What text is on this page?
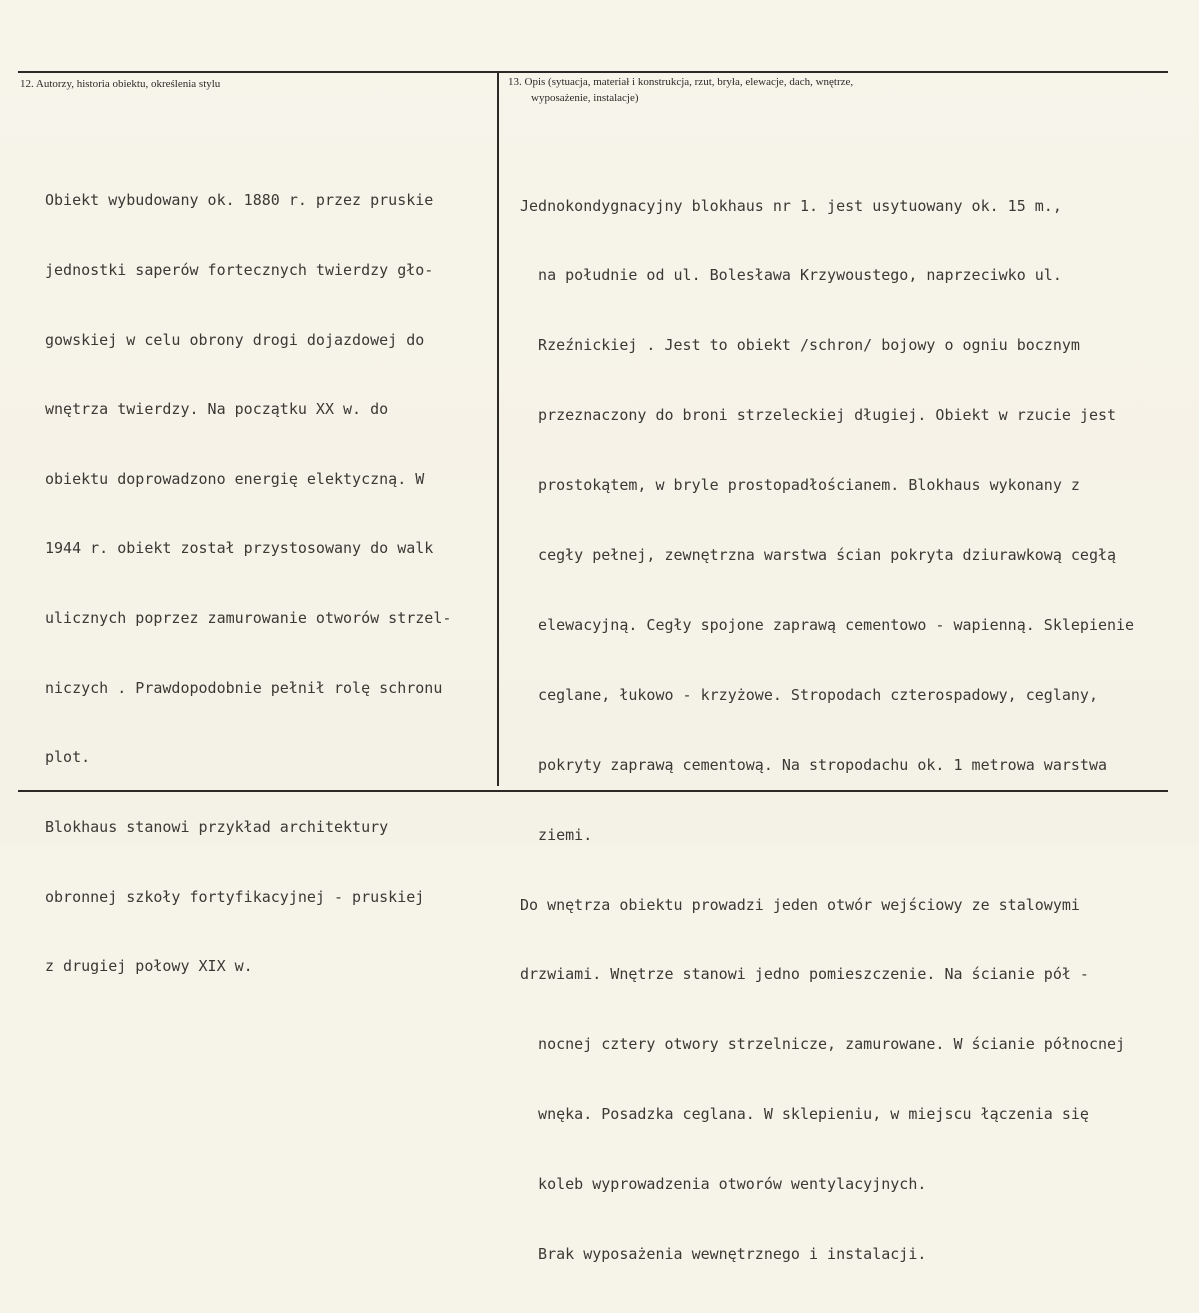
12. Autorzy, historia obiektu, określenia stylu	13. Opis (sytuacja, materiał i konstrukcja, rzut, bryła, elewacje, dach, wnętrze,
wyposażenie, instalacje)

Obiekt wybudowany ok. 1880 r. przez pruskie

jednostki saperów fortecznych twierdzy gło-

gowskiej w celu obrony drogi dojazdowej do

wnętrza twierdzy. Na początku XX w. do

obiektu doprowadzono energię elektyczną. W

1944 r. obiekt został przystosowany do walk

ulicznych poprzez zamurowanie otworów strzel-

niczych . Prawdopodobnie pełnił rolę schronu

plot.

Blokhaus stanowi przykład architektury

obronnej szkoły fortyfikacyjnej - pruskiej

z drugiej połowy XIX w.

Jednokondygnacyjny blokhaus nr 1. jest usytuowany ok. 15 m.,

na południe od ul. Bolesława Krzywoustego, naprzeciwko ul.

Rzeźnickiej . Jest to obiekt /schron/ bojowy o ogniu bocznym

przeznaczony do broni strzeleckiej długiej. Obiekt w rzucie jest

prostokątem, w bryle prostopadłościanem. Blokhaus wykonany z

cegły pełnej, zewnętrzna warstwa ścian pokryta dziurawkową cegłą

elewacyjną. Cegły spojone zaprawą cementowo - wapienną. Sklepienie

ceglane, łukowo - krzyżowe. Stropodach czterospadowy, ceglany,

pokryty zaprawą cementową. Na stropodachu ok. 1 metrowa warstwa

ziemi.

Do wnętrza obiektu prowadzi jeden otwór wejściowy ze stalowymi

drzwiami. Wnętrze stanowi jedno pomieszczenie. Na ścianie pół -

nocnej cztery otwory strzelnicze, zamurowane. W ścianie północnej

wnęka. Posadzka ceglana. W sklepieniu, w miejscu łączenia się

koleb wyprowadzenia otworów wentylacyjnych.

Brak wyposażenia wewnętrznego i instalacji.
